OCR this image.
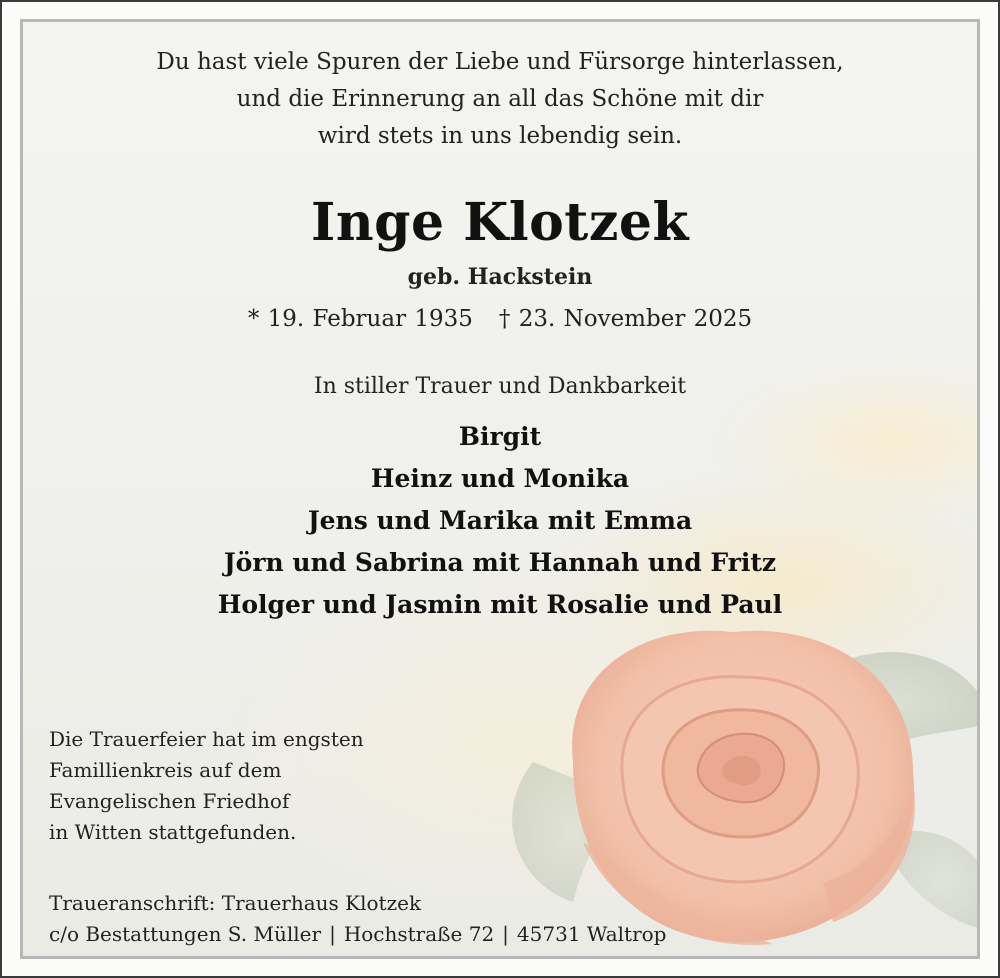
Du hast viele Spuren der Liebe und Fürsorge hinterlassen,
und die Erinnerung an all das Schöne mit dir
wird stets in uns lebendig sein.
Inge Klotzek
geb. Hackstein
* 19. Februar 1935 † 23. November 2025
In stiller Trauer und Dankbarkeit
Birgit
Heinz und Monika
Jens und Marika mit Emma
Jörn und Sabrina mit Hannah und Fritz
Holger und Jasmin mit Rosalie und Paul
Die Trauerfeier hat im engsten
Famillienkreis auf dem
Evangelischen Friedhof
in Witten stattgefunden.
Traueranschrift: Trauerhaus Klotzek
c/o Bestattungen S. Müller | Hochstraße 72 | 45731 Waltrop
